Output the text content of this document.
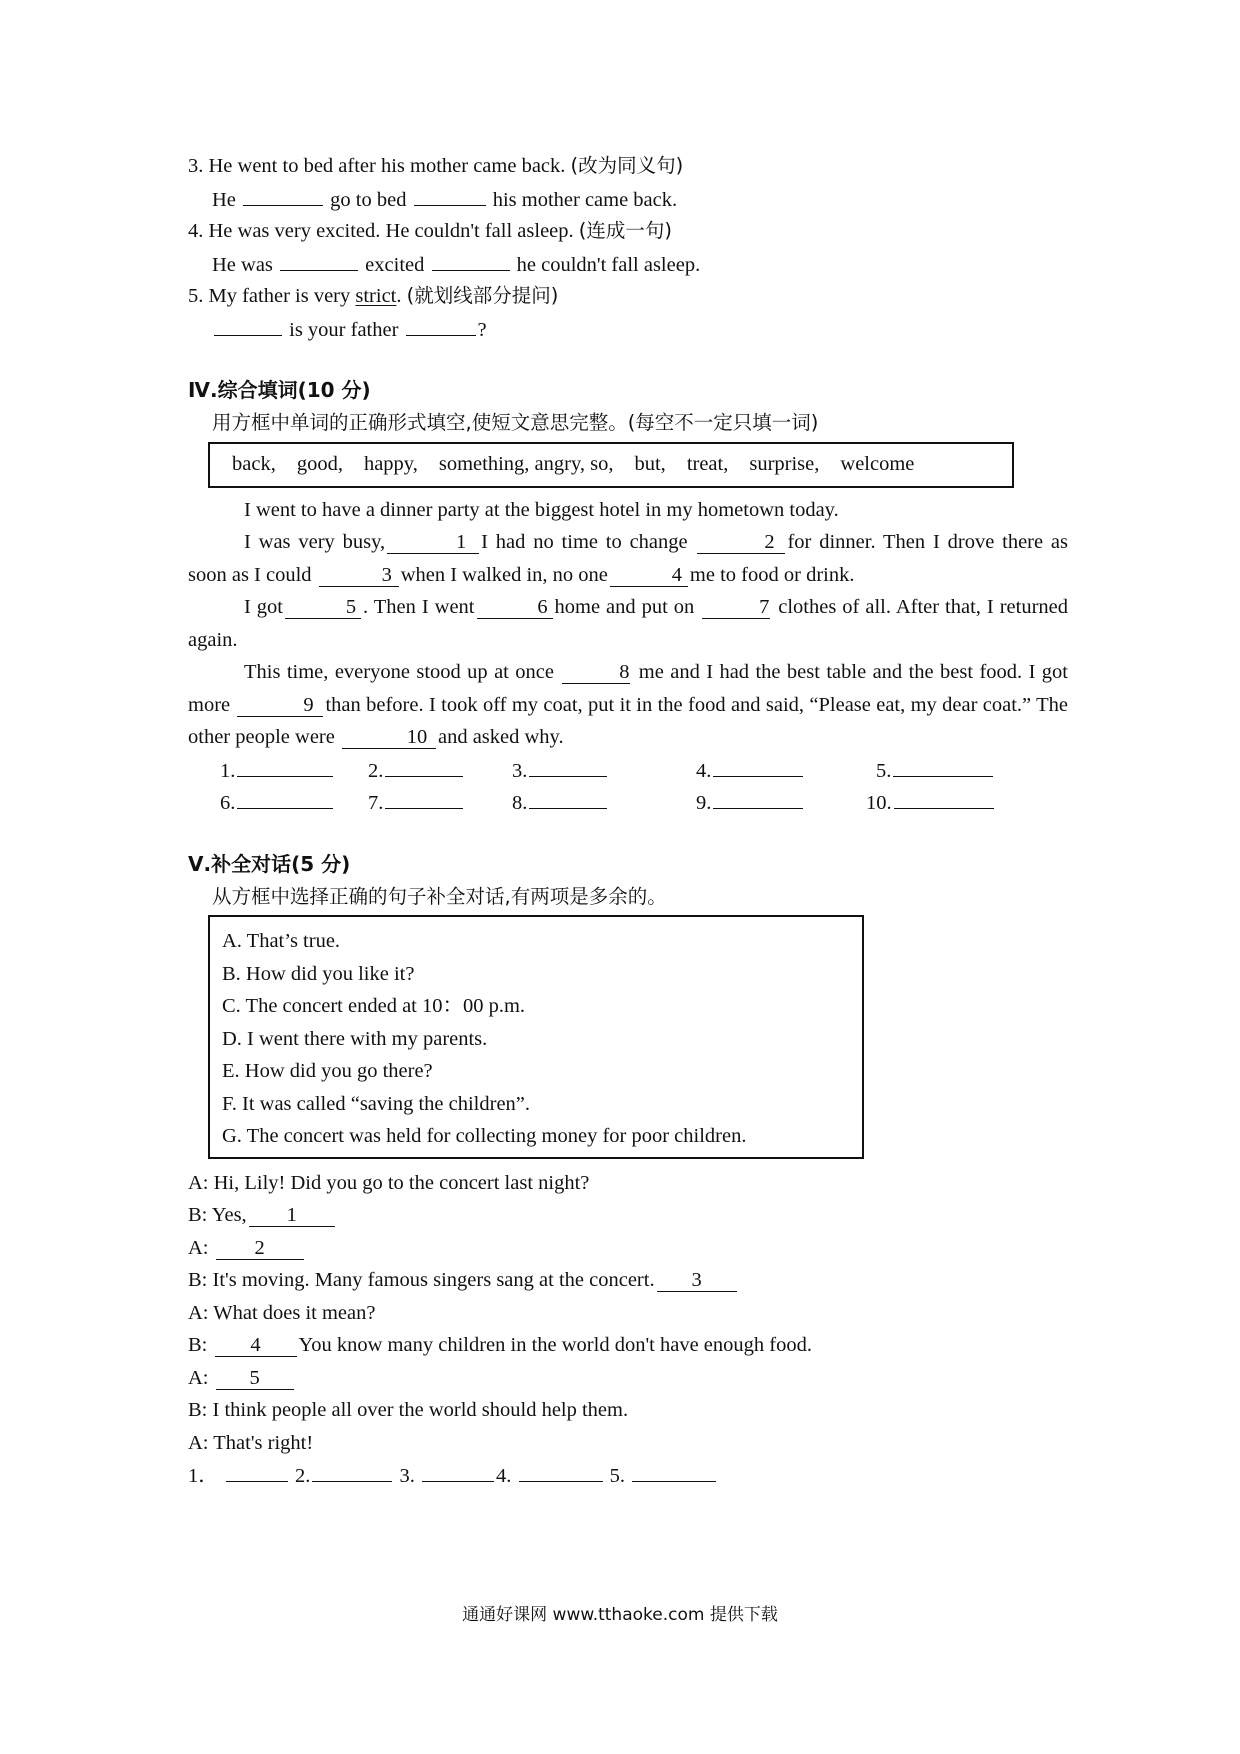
3. He went to bed after his mother came back. (改为同义句)
He	go to bed	his mother came back.
4. He was very excited. He couldn't fall asleep. (连成一句)
He was	excited	he couldn't fall asleep.
5. My father is very strict. (就划线部分提问)
is your father	?
Ⅳ.综合填词(10 分)
用方框中单词的正确形式填空,使短文意思完整。(每空不一定只填一词)
back, good, happy, something, angry, so, but, treat, surprise, welcome

I went to have a dinner party at the biggest hotel in my hometown today.

I was very busy,	1 I had no time to change	2 for dinner. Then I drove there as soon as I could	3 when I walked in, no one	4 me to food or drink.

I got	5 . Then I went	6 home and put on	7 clothes of all. After that, I returned again.

This time, everyone stood up at once	8 me and I had the best table and the best food. I got more	9 than before. I took off my coat, put it in the food and said, “Please eat, my dear coat.” The other people were	10 and asked why.

1.	2.	3.	4.	5.
6.	7.	8.	9.	10.
Ⅴ.补全对话(5 分)
从方框中选择正确的句子补全对话,有两项是多余的。
A. That’s true.
B. How did you like it?
C. The concert ended at 10：00 p.m.
D. I went there with my parents.
E. How did you go there?
F. It was called “saving the children”.
G. The concert was held for collecting money for poor children.
A: Hi, Lily! Did you go to the concert last night?
B: Yes, 1
A: 2
B: It's moving. Many famous singers sang at the concert. 3
A: What does it mean?
B: 4 You know many children in the world don't have enough food.
A: 5
B: I think people all over the world should help them.
A: That's right!
1．	2.	3.	4.	5.
通通好课网 www.tthaoke.com 提供下载
